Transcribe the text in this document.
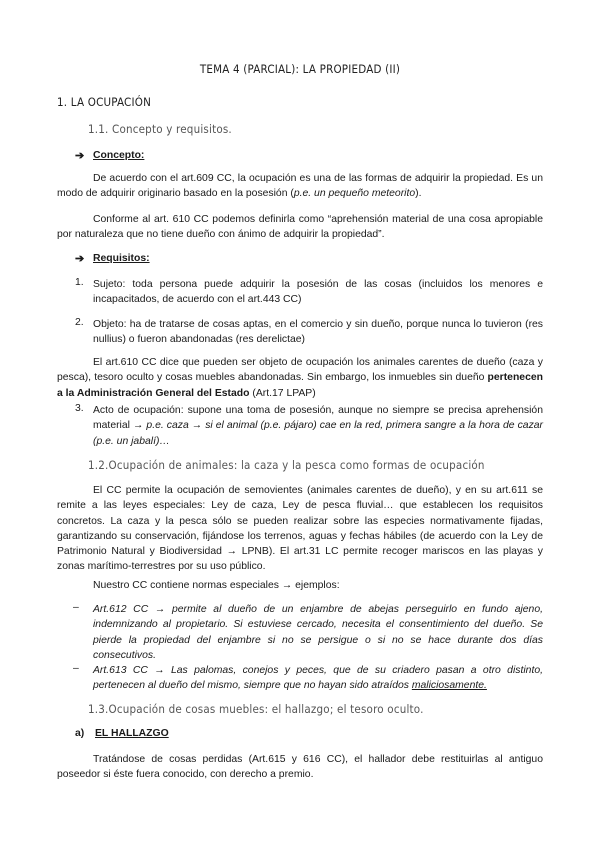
TEMA 4 (PARCIAL): LA PROPIEDAD (II)
1. LA OCUPACIÓN
1.1. Concepto y requisitos.
➔ Concepto:
De acuerdo con el art.609 CC, la ocupación es una de las formas de adquirir la propiedad. Es un modo de adquirir originario basado en la posesión (p.e. un pequeño meteorito).
Conforme al art. 610 CC podemos definirla como “aprehensión material de una cosa apropiable por naturaleza que no tiene dueño con ánimo de adquirir la propiedad”.
➔ Requisitos:
1. Sujeto: toda persona puede adquirir la posesión de las cosas (incluidos los menores e incapacitados, de acuerdo con el art.443 CC)
2. Objeto: ha de tratarse de cosas aptas, en el comercio y sin dueño, porque nunca lo tuvieron (res nullius) o fueron abandonadas (res derelictae)
El art.610 CC dice que pueden ser objeto de ocupación los animales carentes de dueño (caza y pesca), tesoro oculto y cosas muebles abandonadas. Sin embargo, los inmuebles sin dueño pertenecen a la Administración General del Estado (Art.17 LPAP)
3. Acto de ocupación: supone una toma de posesión, aunque no siempre se precisa aprehensión material → p.e. caza → si el animal (p.e. pájaro) cae en la red, primera sangre a la hora de cazar (p.e. un jabalí)…
1.2.Ocupación de animales: la caza y la pesca como formas de ocupación
El CC permite la ocupación de semovientes (animales carentes de dueño), y en su art.611 se remite a las leyes especiales: Ley de caza, Ley de pesca fluvial… que establecen los requisitos concretos. La caza y la pesca sólo se pueden realizar sobre las especies normativamente fijadas, garantizando su conservación, fijándose los terrenos, aguas y fechas hábiles (de acuerdo con la Ley de Patrimonio Natural y Biodiversidad → LPNB). El art.31 LC permite recoger mariscos en las playas y zonas marítimo-terrestres por su uso público.
Nuestro CC contiene normas especiales → ejemplos:
– Art.612 CC → permite al dueño de un enjambre de abejas perseguirlo en fundo ajeno, indemnizando al propietario. Si estuviese cercado, necesita el consentimiento del dueño. Se pierde la propiedad del enjambre si no se persigue o si no se hace durante dos días consecutivos.
– Art.613 CC → Las palomas, conejos y peces, que de su criadero pasan a otro distinto, pertenecen al dueño del mismo, siempre que no hayan sido atraídos maliciosamente.
1.3.Ocupación de cosas muebles: el hallazgo; el tesoro oculto.
a) EL HALLAZGO
Tratándose de cosas perdidas (Art.615 y 616 CC), el hallador debe restituirlas al antiguo poseedor si éste fuera conocido, con derecho a premio.
